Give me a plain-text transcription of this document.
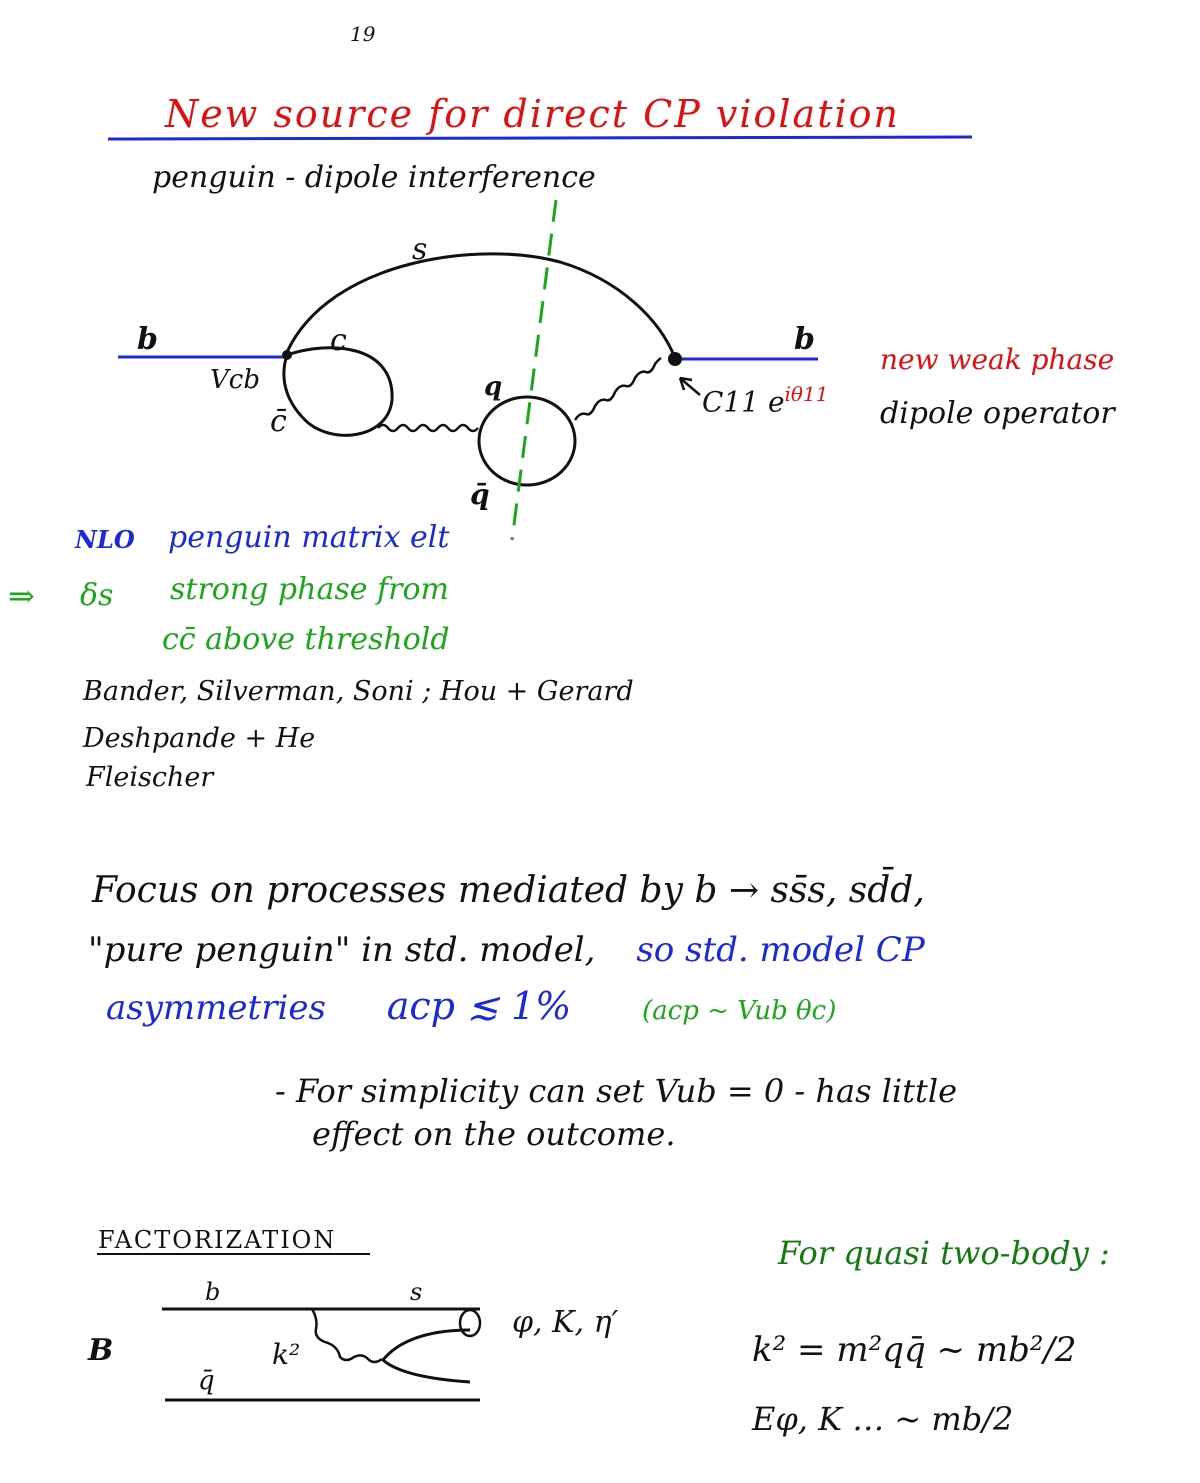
19
New source for direct CP violation
penguin - dipole interference
s
b	b
c
Vcb
c̄
q
q̄
C11 $e^{i\theta 11}$
new weak phase
dipole operator
NLO penguin matrix elt
⇒ δs strong phase from
cc̄ above threshold
Bander, Silverman, Soni ; Hou + Gerard
Deshpande + He
Fleischer
Focus on processes mediated by b → ss̄s, sd̄d,
"pure penguin" in std. model, so std. model CP
asymmetries acp ≲ 1%	(acp ~ Vub θc)
- For simplicity can set Vub = 0 - has little
effect on the outcome.
FACTORIZATION
b	s
B	k²
q̄
φ, K, η′
For quasi two-body :
k² = m²qq̄ ~ mb²/2
Eφ, K … ~ mb/2
